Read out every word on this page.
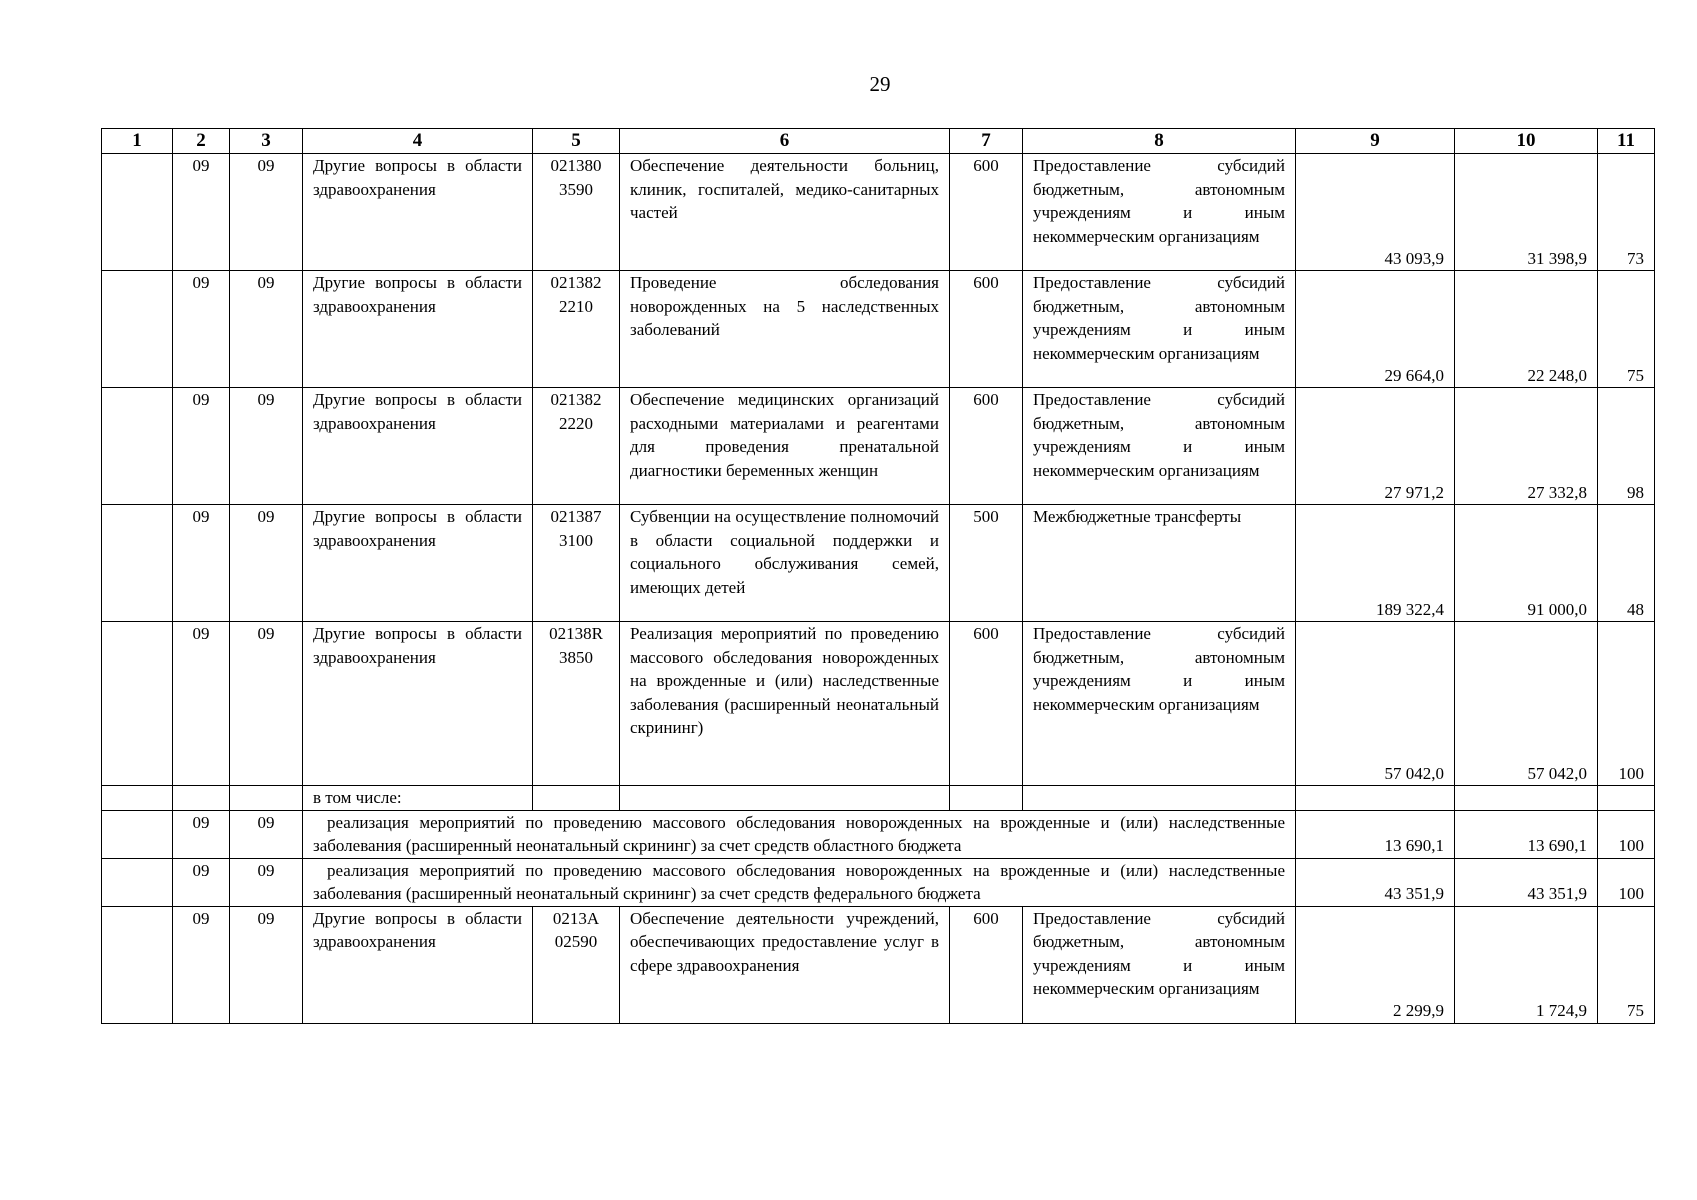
29
1	2	3	4	5	6	7	8	9	10	11
	09	09	Другие вопросы в области здравоохранения	021380 3590	Обеспечение деятельности больниц, клиник, госпиталей, медико-санитарных частей	600	Предоставление субсидий бюджетным, автономным учреждениям и иным некоммерческим организациям	43 093,9	31 398,9	73
	09	09	Другие вопросы в области здравоохранения	021382 2210	Проведение обследования новорожденных на 5 наследственных заболеваний	600	Предоставление субсидий бюджетным, автономным учреждениям и иным некоммерческим организациям	29 664,0	22 248,0	75
	09	09	Другие вопросы в области здравоохранения	021382 2220	Обеспечение медицинских организаций расходными материалами и реагентами для проведения пренатальной диагностики беременных женщин	600	Предоставление субсидий бюджетным, автономным учреждениям и иным некоммерческим организациям	27 971,2	27 332,8	98
	09	09	Другие вопросы в области здравоохранения	021387 3100	Субвенции на осуществление полномочий в области социальной поддержки и социального обслуживания семей, имеющих детей	500	Межбюджетные трансферты	189 322,4	91 000,0	48
	09	09	Другие вопросы в области здравоохранения	02138R 3850	Реализация мероприятий по проведению массового обследования новорожденных на врожденные и (или) наследственные заболевания (расширенный неонатальный скрининг)	600	Предоставление субсидий бюджетным, автономным учреждениям и иным некоммерческим организациям	57 042,0	57 042,0	100
			в том числе:							
	09	09	реализация мероприятий по проведению массового обследования новорожденных на врожденные и (или) наследственные заболевания (расширенный неонатальный скрининг) за счет средств областного бюджета					13 690,1	13 690,1	100
	09	09	реализация мероприятий по проведению массового обследования новорожденных на врожденные и (или) наследственные заболевания (расширенный неонатальный скрининг) за счет средств федерального бюджета					43 351,9	43 351,9	100
	09	09	Другие вопросы в области здравоохранения	0213А 02590	Обеспечение деятельности учреждений, обеспечивающих предоставление услуг в сфере здравоохранения	600	Предоставление субсидий бюджетным, автономным учреждениям и иным некоммерческим организациям	2 299,9	1 724,9	75
